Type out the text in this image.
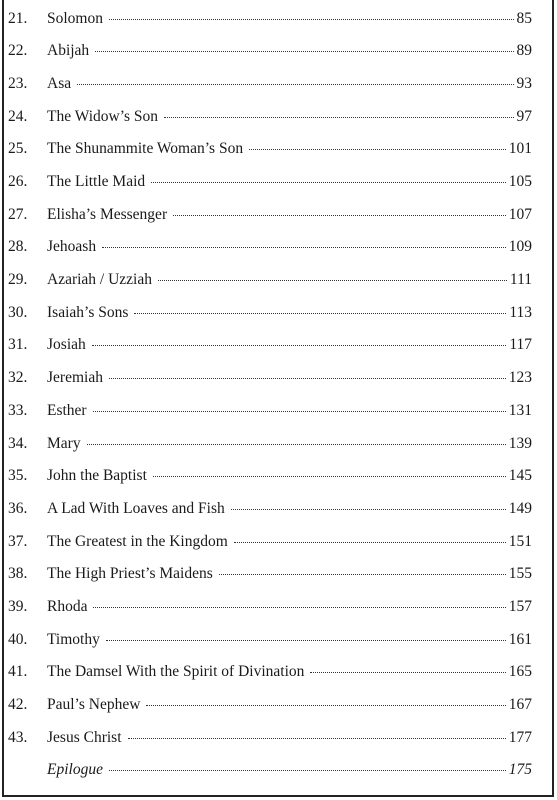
21.	Solomon	85
22.	Abijah	89
23.	Asa	93
24.	The Widow’s Son	97
25.	The Shunammite Woman’s Son	101
26.	The Little Maid	105
27.	Elisha’s Messenger	107
28.	Jehoash	109
29.	Azariah / Uzziah	111
30.	Isaiah’s Sons	113
31.	Josiah	117
32.	Jeremiah	123
33.	Esther	131
34.	Mary	139
35.	John the Baptist	145
36.	A Lad With Loaves and Fish	149
37.	The Greatest in the Kingdom	151
38.	The High Priest’s Maidens	155
39.	Rhoda	157
40.	Timothy	161
41.	The Damsel With the Spirit of Divination	165
42.	Paul’s Nephew	167
43.	Jesus Christ	177
Epilogue	175
